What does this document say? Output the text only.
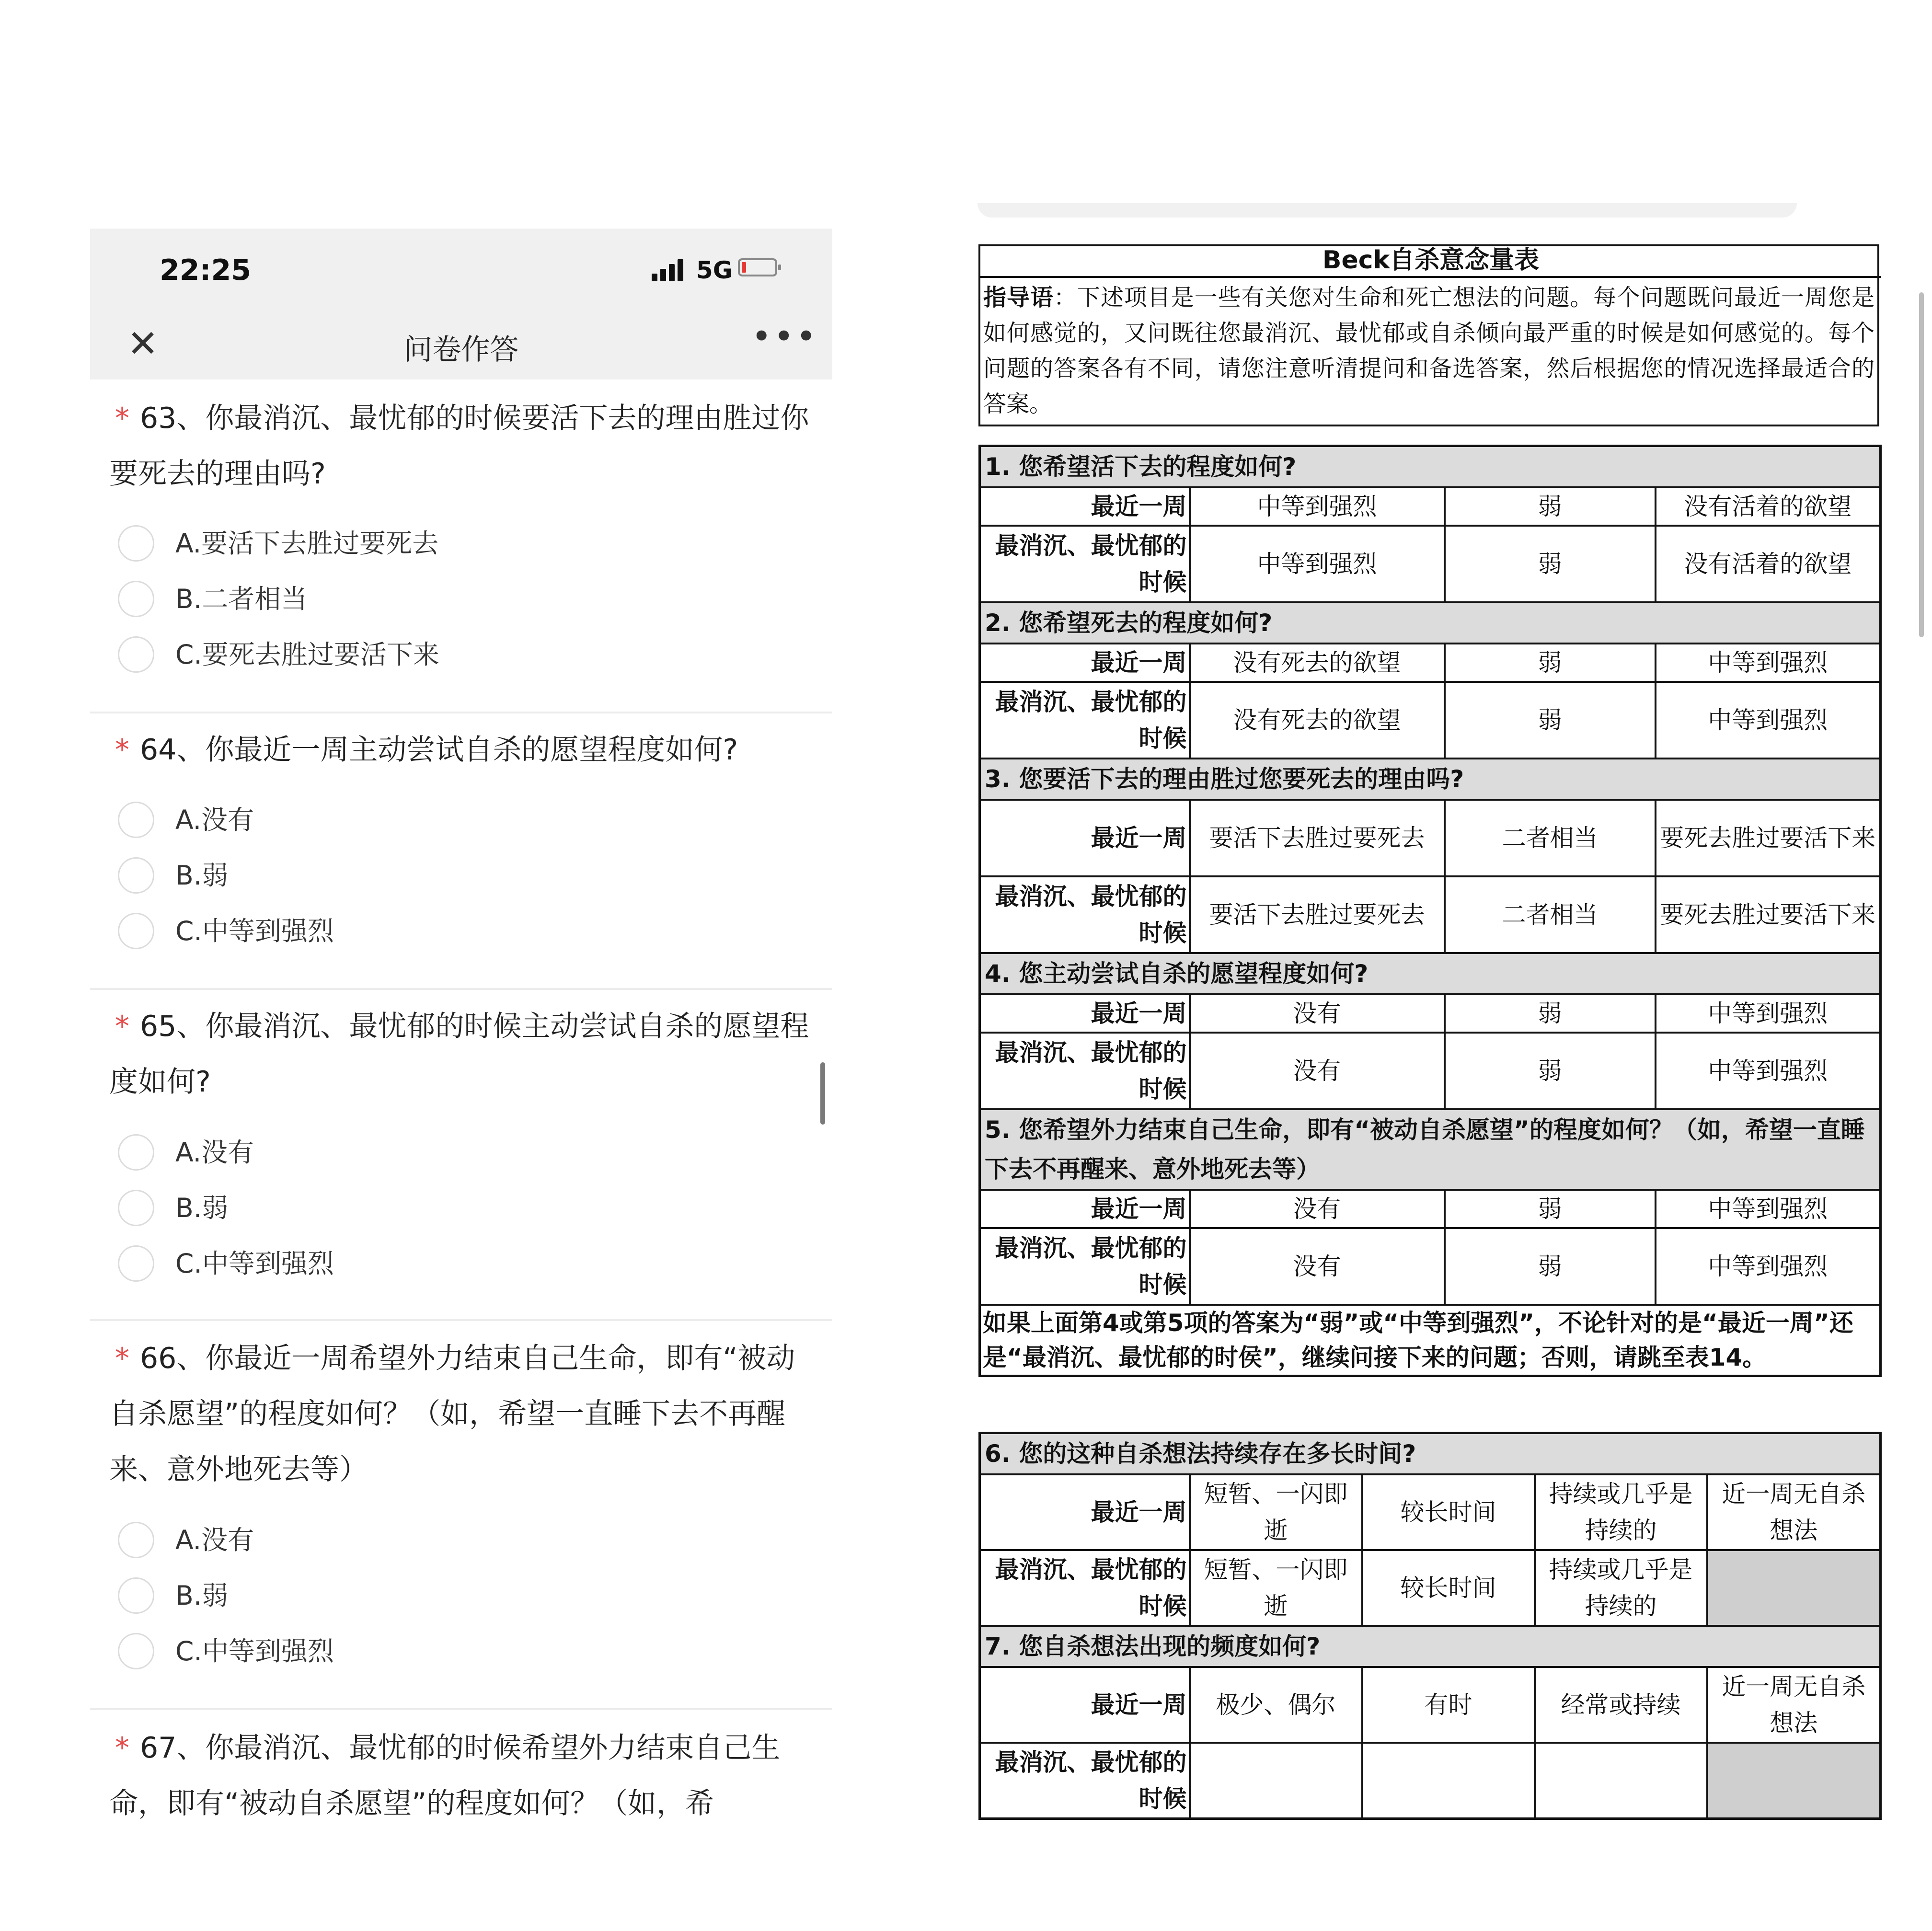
22:25	5G
✕	问卷作答	•••
* 63、你最消沉、最忧郁的时候要活下去的理由胜过你要死去的理由吗?
A.要活下去胜过要死去
B.二者相当
C.要死去胜过要活下来
* 64、你最近一周主动尝试自杀的愿望程度如何?
A.没有
B.弱
C.中等到强烈
* 65、你最消沉、最忧郁的时候主动尝试自杀的愿望程度如何?
A.没有
B.弱
C.中等到强烈
* 66、你最近一周希望外力结束自己生命，即有“被动自杀愿望”的程度如何？（如，希望一直睡下去不再醒来、意外地死去等）
A.没有
B.弱
C.中等到强烈
* 67、你最消沉、最忧郁的时候希望外力结束自己生命，即有“被动自杀愿望”的程度如何？（如，希
Beck自杀意念量表
指导语：下述项目是一些有关您对生命和死亡想法的问题。每个问题既问最近一周您是如何感觉的，又问既往您最消沉、最忧郁或自杀倾向最严重的时候是如何感觉的。每个问题的答案各有不同，请您注意听清提问和备选答案，然后根据您的情况选择最适合的答案。
1. 您希望活下去的程度如何?			
最近一周	中等到强烈	弱	没有活着的欲望
最消沉、最忧郁的时候	中等到强烈	弱	没有活着的欲望
2. 您希望死去的程度如何?			
最近一周	没有死去的欲望	弱	中等到强烈
最消沉、最忧郁的时候	没有死去的欲望	弱	中等到强烈
3. 您要活下去的理由胜过您要死去的理由吗?			
最近一周	要活下去胜过要死去	二者相当	要死去胜过要活下来
最消沉、最忧郁的时候	要活下去胜过要死去	二者相当	要死去胜过要活下来
4. 您主动尝试自杀的愿望程度如何?			
最近一周	没有	弱	中等到强烈
最消沉、最忧郁的时候	没有	弱	中等到强烈
5. 您希望外力结束自己生命，即有“被动自杀愿望”的程度如何？（如，希望一直睡下去不再醒来、意外地死去等）			
最近一周	没有	弱	中等到强烈
最消沉、最忧郁的时候	没有	弱	中等到强烈
如果上面第4或第5项的答案为“弱”或“中等到强烈”，不论针对的是“最近一周”还是“最消沉、最忧郁的时侯”，继续问接下来的问题；否则，请跳至表14。			
6. 您的这种自杀想法持续存在多长时间?				
最近一周	短暂、一闪即逝	较长时间	持续或几乎是持续的	近一周无自杀想法
最消沉、最忧郁的时候	短暂、一闪即逝	较长时间	持续或几乎是持续的	
7. 您自杀想法出现的频度如何?				
最近一周	极少、偶尔	有时	经常或持续	近一周无自杀想法
最消沉、最忧郁的时候				
